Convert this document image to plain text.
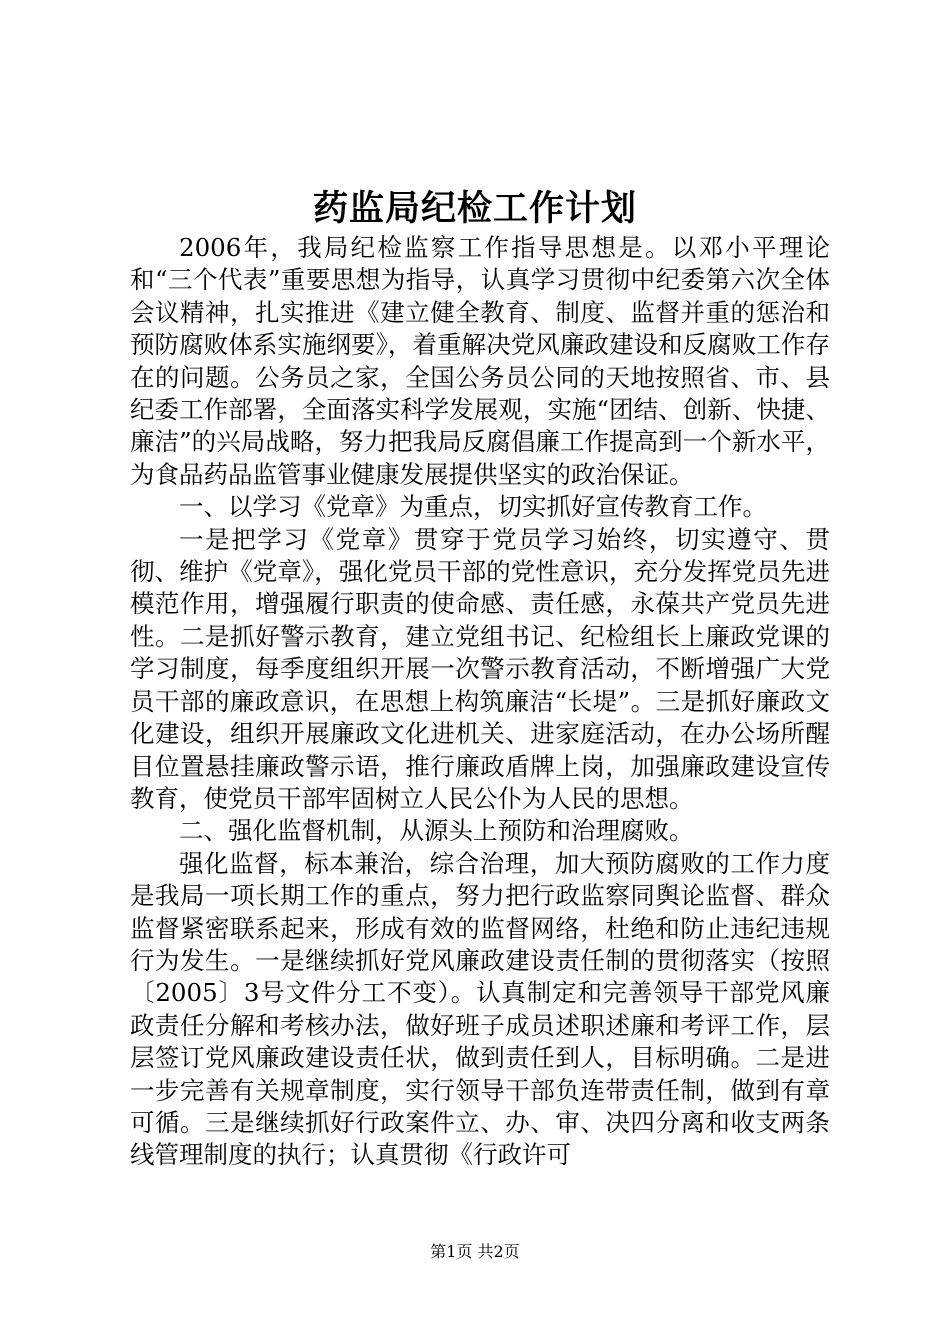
药监局纪检工作计划

2006年，我局纪检监察工作指导思想是。以邓小平理论和“三个代表”重要思想为指导，认真学习贯彻中纪委第六次全体会议精神，扎实推进《建立健全教育、制度、监督并重的惩治和预防腐败体系实施纲要》，着重解决党风廉政建设和反腐败工作存在的问题。公务员之家，全国公务员公同的天地按照省、市、县纪委工作部署，全面落实科学发展观，实施“团结、创新、快捷、廉洁”的兴局战略，努力把我局反腐倡廉工作提高到一个新水平，为食品药品监管事业健康发展提供坚实的政治保证。

一、以学习《党章》为重点，切实抓好宣传教育工作。

一是把学习《党章》贯穿于党员学习始终，切实遵守、贯彻、维护《党章》，强化党员干部的党性意识，充分发挥党员先进模范作用，增强履行职责的使命感、责任感，永葆共产党员先进性。二是抓好警示教育，建立党组书记、纪检组长上廉政党课的学习制度，每季度组织开展一次警示教育活动，不断增强广大党员干部的廉政意识，在思想上构筑廉洁“长堤”。三是抓好廉政文化建设，组织开展廉政文化进机关、进家庭活动，在办公场所醒目位置悬挂廉政警示语，推行廉政盾牌上岗，加强廉政建设宣传教育，使党员干部牢固树立人民公仆为人民的思想。

二、强化监督机制，从源头上预防和治理腐败。

强化监督，标本兼治，综合治理，加大预防腐败的工作力度是我局一项长期工作的重点，努力把行政监察同舆论监督、群众监督紧密联系起来，形成有效的监督网络，杜绝和防止违纪违规行为发生。一是继续抓好党风廉政建设责任制的贯彻落实（按照〔2005〕3号文件分工不变）。认真制定和完善领导干部党风廉政责任分解和考核办法，做好班子成员述职述廉和考评工作，层层签订党风廉政建设责任状，做到责任到人，目标明确。二是进一步完善有关规章制度，实行领导干部负连带责任制，做到有章可循。三是继续抓好行政案件立、办、审、决四分离和收支两条线管理制度的执行；认真贯彻《行政许可

第1页 共2页
